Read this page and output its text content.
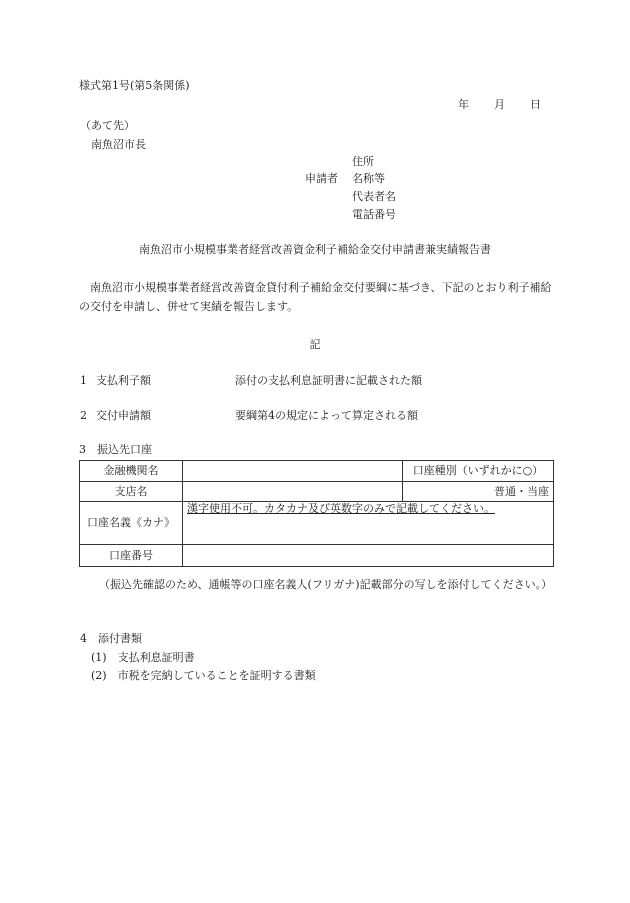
様式第1号(第5条関係)
年　　月　　日
（あて先）
南魚沼市長
住所
申請者 名称等
代表者名
電話番号
南魚沼市小規模事業者経営改善資金利子補給金交付申請書兼実績報告書
南魚沼市小規模事業者経営改善資金貸付利子補給金交付要綱に基づき、下記のとおり利子補給の交付を申請し、併せて実績を報告します。
記
1 支払利子額	添付の支払利息証明書に記載された額
2 交付申請額	要綱第4の規定によって算定される額
3　振込先口座
金融機関名		口座種別（いずれかに○）
支店名		普通・当座
口座名義《カナ》	漢字使用不可。カタカナ及び英数字のみで記載してください。	
口座番号		
（振込先確認のため、通帳等の口座名義人(フリガナ)記載部分の写しを添付してください。）
4　添付書類
(1)　支払利息証明書
(2)　市税を完納していることを証明する書類
